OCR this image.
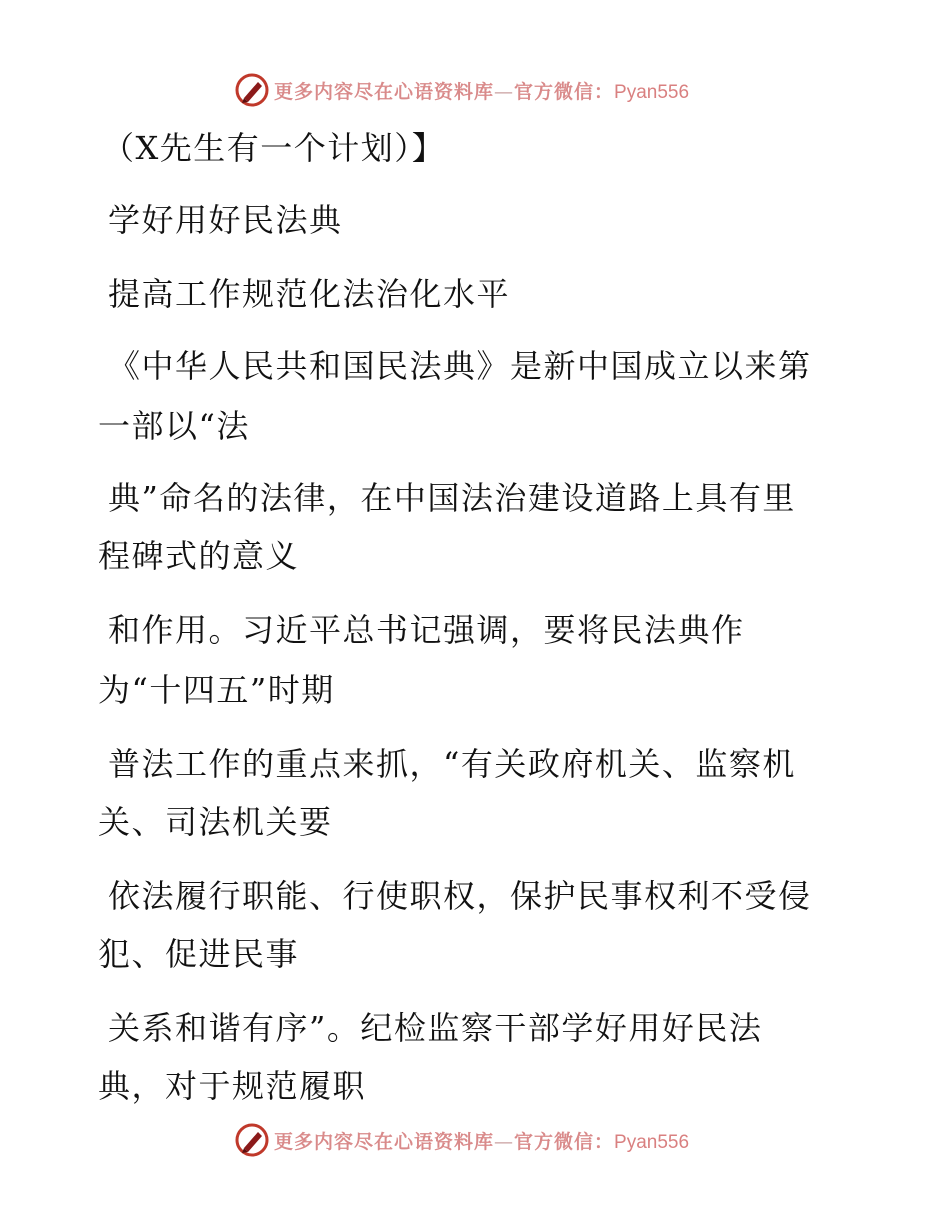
更多内容尽在心语资料库—官方微信：Pyan556
（X先生有一个计划）】
学好用好民法典
提高工作规范化法治化水平
《中华人民共和国民法典》是新中国成立以来第
一部以“法
典”命名的法律，在中国法治建设道路上具有里
程碑式的意义
和作用。习近平总书记强调，要将民法典作
为“十四五”时期
普法工作的重点来抓，“有关政府机关、监察机
关、司法机关要
依法履行职能、行使职权，保护民事权利不受侵
犯、促进民事
关系和谐有序”。纪检监察干部学好用好民法
典，对于规范履职
更多内容尽在心语资料库—官方微信：Pyan556
